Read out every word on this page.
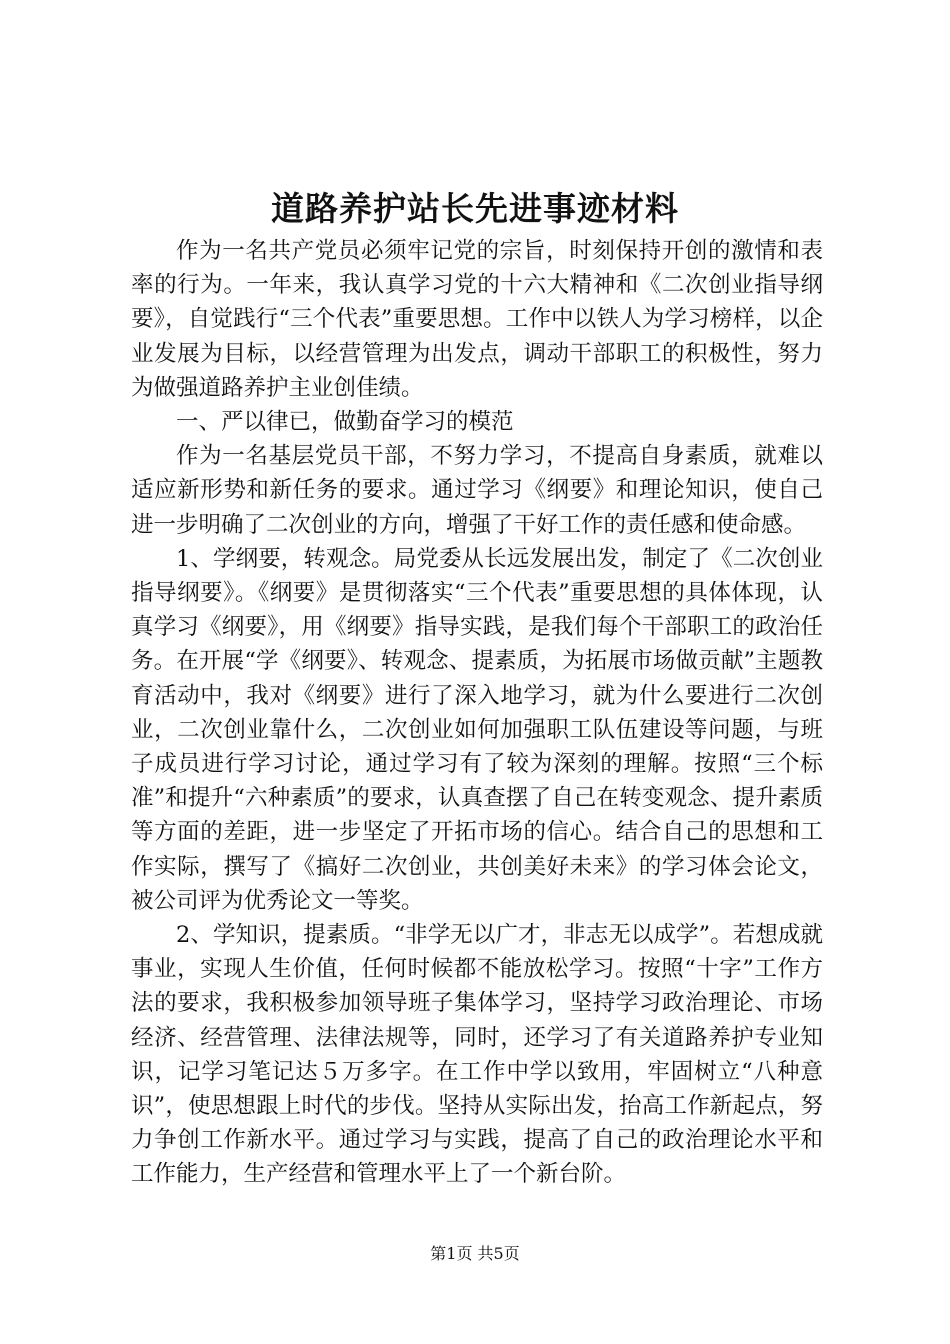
道路养护站长先进事迹材料

作为一名共产党员必须牢记党的宗旨，时刻保持开创的激情和表率的行为。一年来，我认真学习党的十六大精神和《二次创业指导纲要》，自觉践行“三个代表”重要思想。工作中以铁人为学习榜样，以企业发展为目标，以经营管理为出发点，调动干部职工的积极性，努力为做强道路养护主业创佳绩。

一、严以律已，做勤奋学习的模范

作为一名基层党员干部，不努力学习，不提高自身素质，就难以适应新形势和新任务的要求。通过学习《纲要》和理论知识，使自己进一步明确了二次创业的方向，增强了干好工作的责任感和使命感。

1、学纲要，转观念。局党委从长远发展出发，制定了《二次创业指导纲要》。《纲要》是贯彻落实“三个代表”重要思想的具体体现，认真学习《纲要》，用《纲要》指导实践，是我们每个干部职工的政治任务。在开展“学《纲要》、转观念、提素质，为拓展市场做贡献”主题教育活动中，我对《纲要》进行了深入地学习，就为什么要进行二次创业，二次创业靠什么，二次创业如何加强职工队伍建设等问题，与班子成员进行学习讨论，通过学习有了较为深刻的理解。按照“三个标准”和提升“六种素质”的要求，认真查摆了自己在转变观念、提升素质等方面的差距，进一步坚定了开拓市场的信心。结合自己的思想和工作实际，撰写了《搞好二次创业，共创美好未来》的学习体会论文，被公司评为优秀论文一等奖。

2、学知识，提素质。“非学无以广才，非志无以成学”。若想成就事业，实现人生价值，任何时候都不能放松学习。按照“十字”工作方法的要求，我积极参加领导班子集体学习，坚持学习政治理论、市场经济、经营管理、法律法规等，同时，还学习了有关道路养护专业知识，记学习笔记达５万多字。在工作中学以致用，牢固树立“八种意识”，使思想跟上时代的步伐。坚持从实际出发，抬高工作新起点，努力争创工作新水平。通过学习与实践，提高了自己的政治理论水平和工作能力，生产经营和管理水平上了一个新台阶。

第1页 共5页
